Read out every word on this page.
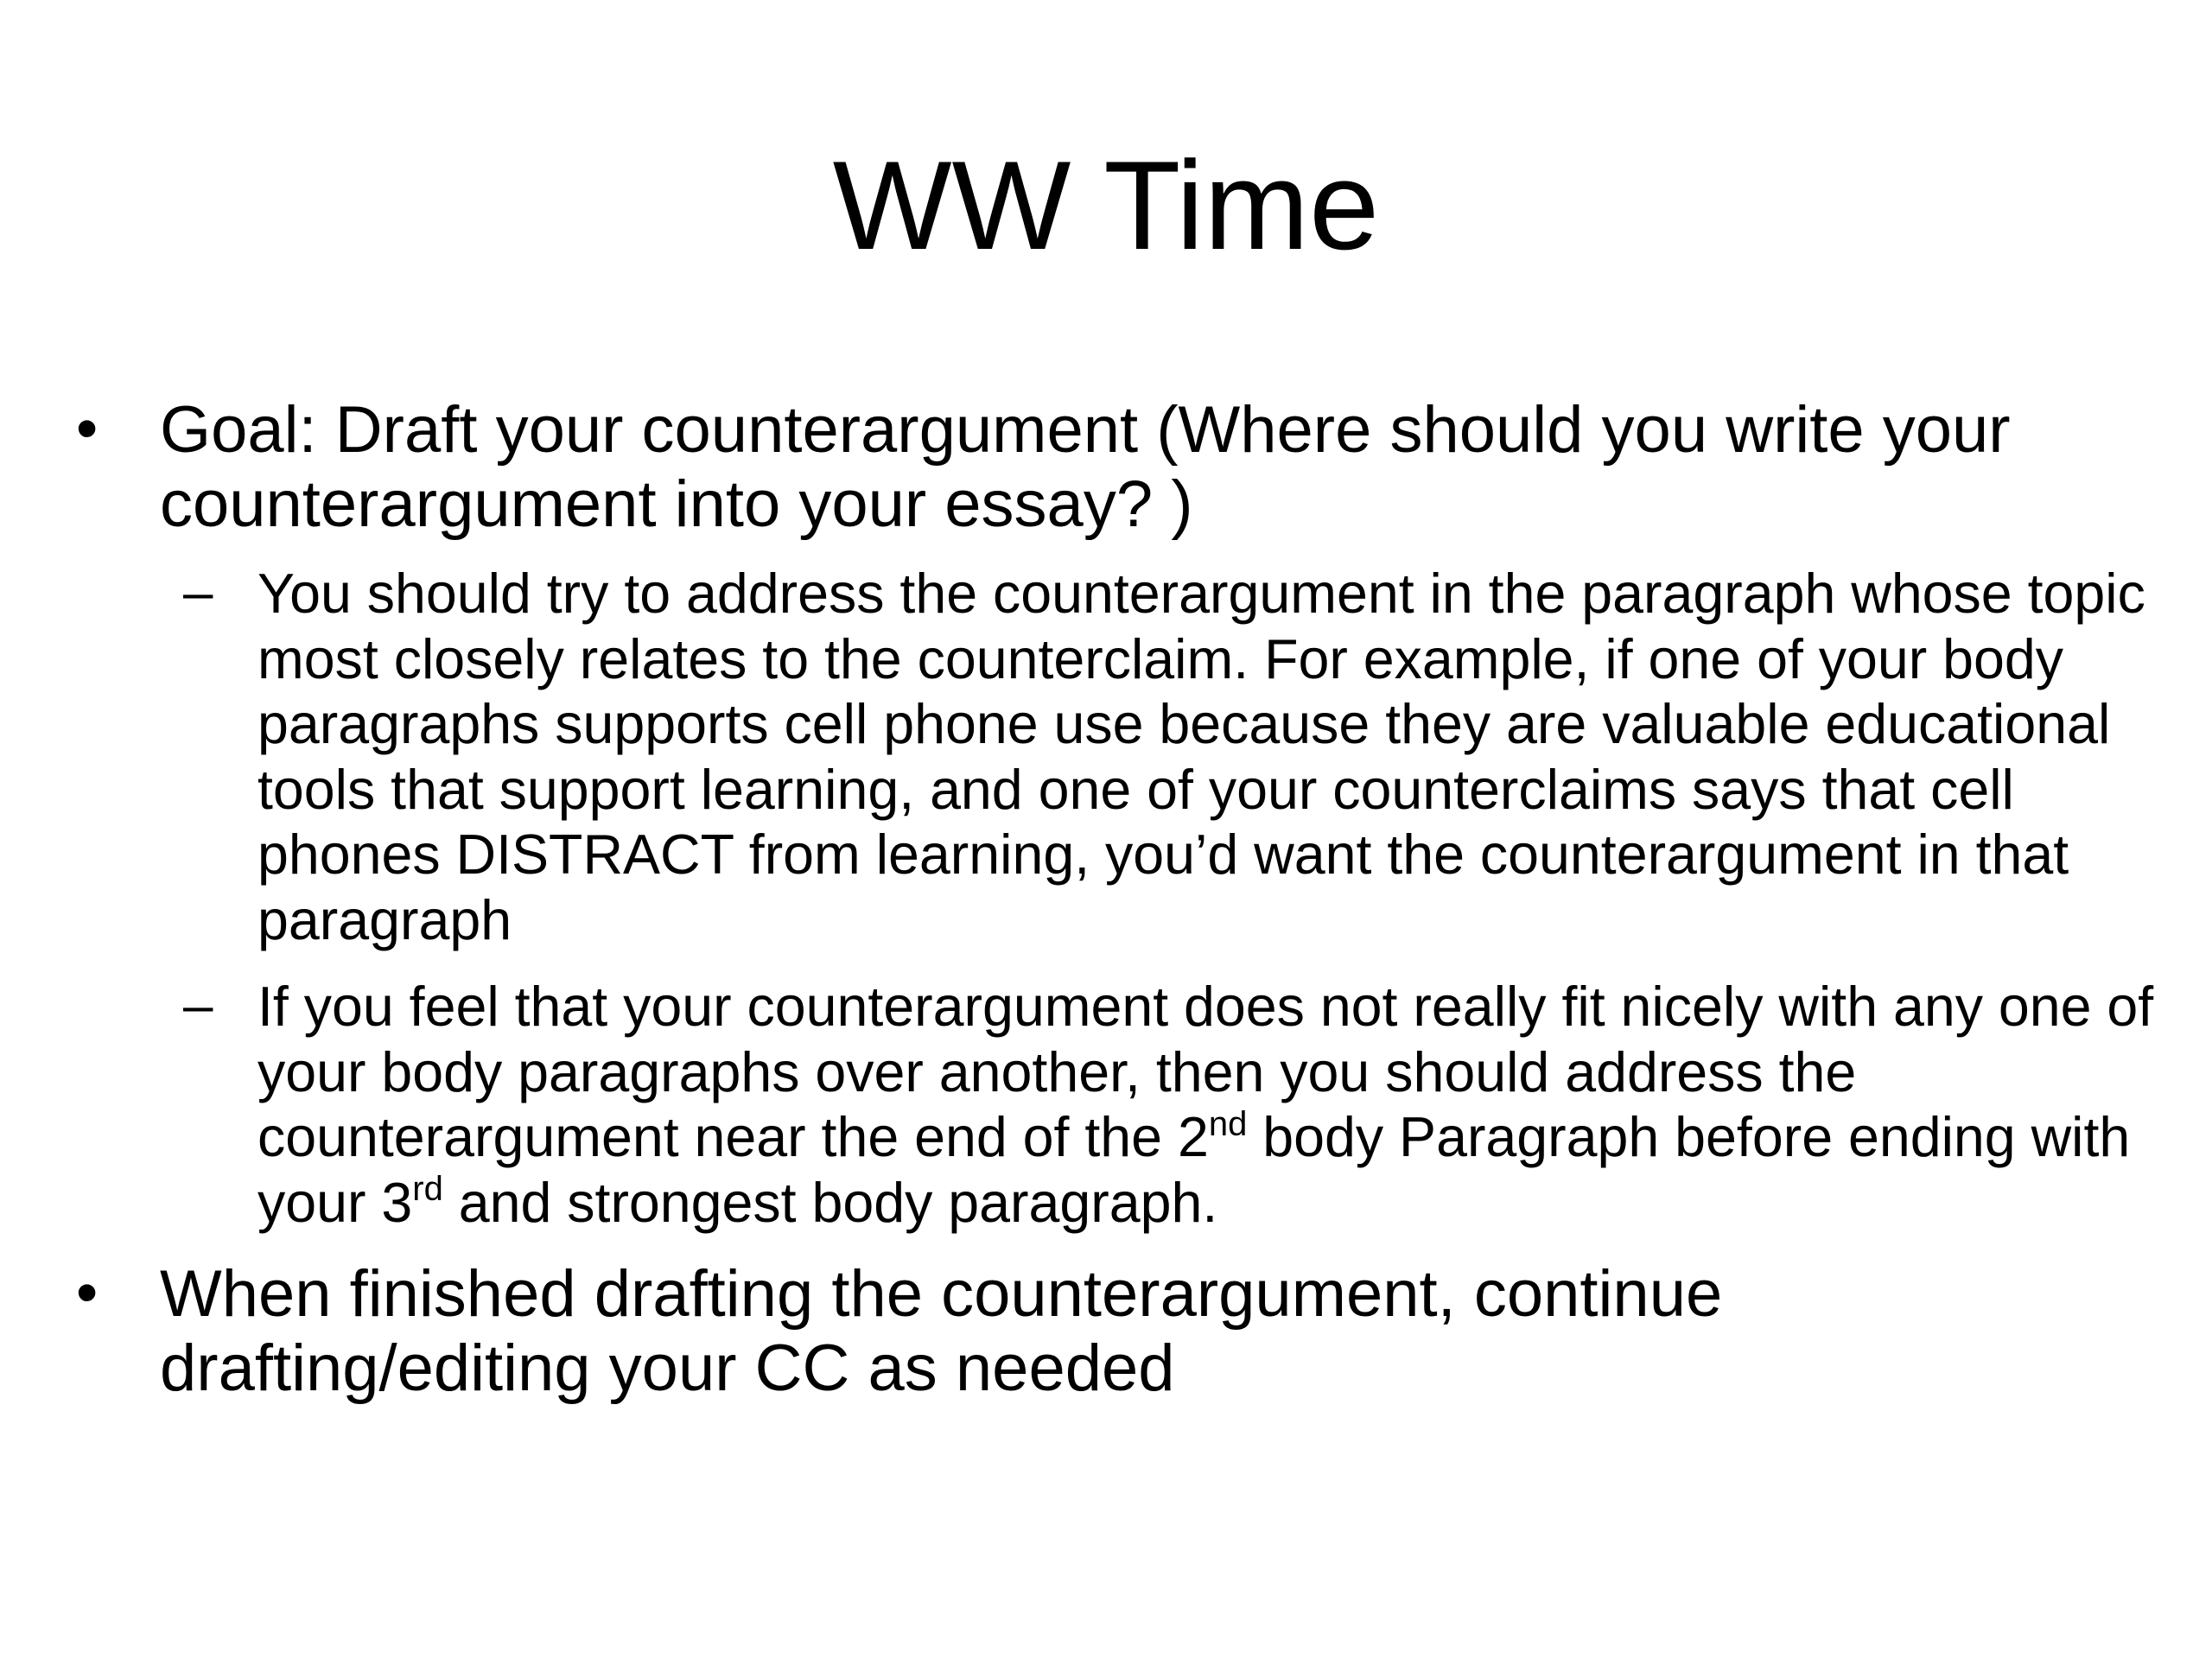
WW Time
• Goal: Draft your counterargument (Where should you write your counterargument into your essay? )
– You should try to address the counterargument in the paragraph whose topic most closely relates to the counterclaim. For example, if one of your body paragraphs supports cell phone use because they are valuable educational tools that support learning, and one of your counterclaims says that cell phones DISTRACT from learning, you’d want the counterargument in that paragraph
– If you feel that your counterargument does not really fit nicely with any one of your body paragraphs over another, then you should address the counterargument near the end of the 2nd body Paragraph before ending with your 3rd and strongest body paragraph.
• When finished drafting the counterargument, continue drafting/editing your CC as needed
